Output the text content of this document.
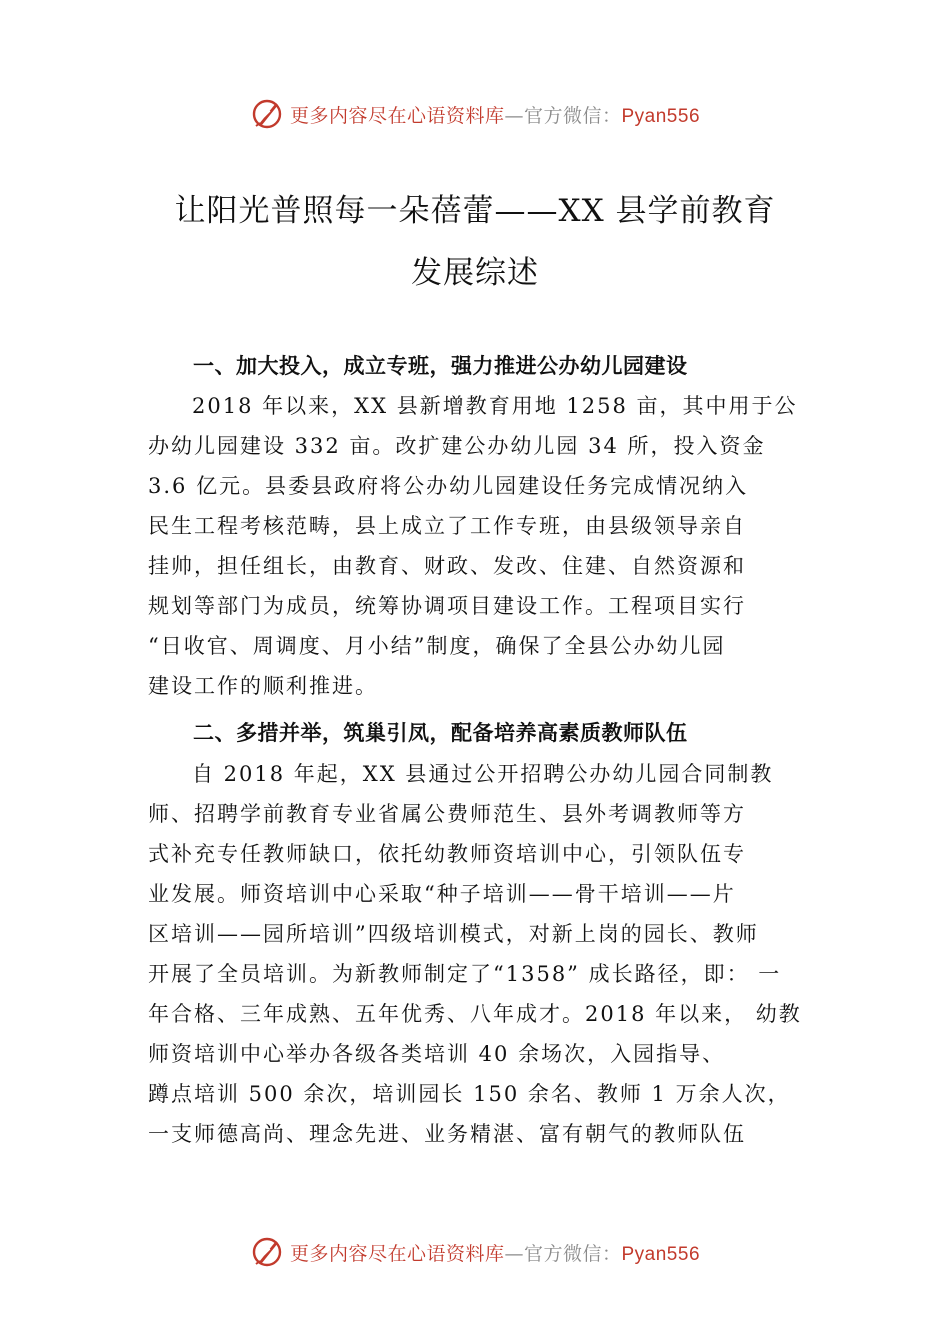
更多内容尽在心语资料库—官方微信：Pyan556
让阳光普照每一朵蓓蕾——XX 县学前教育
发展综述
一、加大投入，成立专班，强力推进公办幼儿园建设
2018 年以来，XX 县新增教育用地 1258 亩，其中用于公
办幼儿园建设 332 亩。改扩建公办幼儿园 34 所，投入资金
3.6 亿元。县委县政府将公办幼儿园建设任务完成情况纳入
民生工程考核范畴，县上成立了工作专班，由县级领导亲自
挂帅，担任组长，由教育、财政、发改、住建、自然资源和
规划等部门为成员，统筹协调项目建设工作。工程项目实行
“日收官、周调度、月小结”制度，确保了全县公办幼儿园
建设工作的顺利推进。
二、多措并举，筑巢引凤，配备培养高素质教师队伍
自 2018 年起，XX 县通过公开招聘公办幼儿园合同制教
师、招聘学前教育专业省属公费师范生、县外考调教师等方
式补充专任教师缺口，依托幼教师资培训中心，引领队伍专
业发展。师资培训中心采取“种子培训——骨干培训——片
区培训——园所培训”四级培训模式，对新上岗的园长、教师
开展了全员培训。为新教师制定了“1358” 成长路径，即： 一
年合格、三年成熟、五年优秀、八年成才。2018 年以来， 幼教
师资培训中心举办各级各类培训 40 余场次，入园指导、
蹲点培训 500 余次，培训园长 150 余名、教师 1 万余人次，
一支师德高尚、理念先进、业务精湛、富有朝气的教师队伍
更多内容尽在心语资料库—官方微信：Pyan556
